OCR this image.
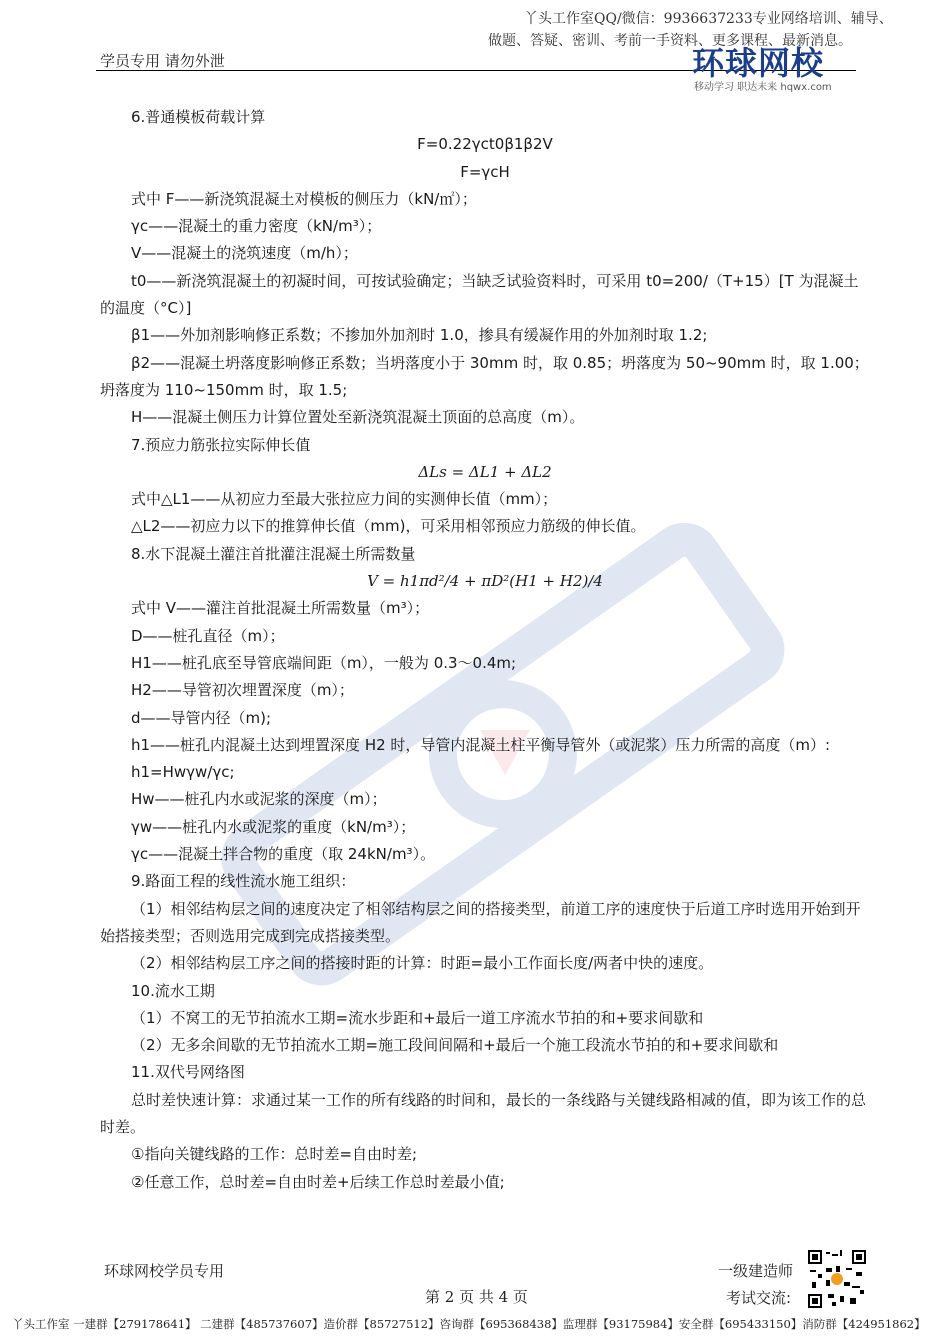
丫头工作室QQ/微信：9936637233专业网络培训、辅导、
做题、答疑、密训、考前一手资料、更多课程、最新消息。
学员专用 请勿外泄	环球网校
移动学习 职达未来 hqwx.com

6.普通模板荷载计算

F=0.22γct0β1β2V

F=γcH

式中 F——新浇筑混凝土对模板的侧压力（kN/㎡）；

γc——混凝土的重力密度（kN/m³）；

V——混凝土的浇筑速度（m/h）；

t0——新浇筑混凝土的初凝时间，可按试验确定；当缺乏试验资料时，可采用 t0=200/（T+15）[T 为混凝土的温度（°C）]

β1——外加剂影响修正系数；不掺加外加剂时 1.0，掺具有缓凝作用的外加剂时取 1.2;

β2——混凝土坍落度影响修正系数；当坍落度小于 30mm 时，取 0.85；坍落度为 50~90mm 时，取 1.00；坍落度为 110~150mm 时，取 1.5;

H——混凝土侧压力计算位置处至新浇筑混凝土顶面的总高度（m）。

7.预应力筋张拉实际伸长值

ΔLs = ΔL1 + ΔL2

式中△L1——从初应力至最大张拉应力间的实测伸长值（mm）；

△L2——初应力以下的推算伸长值（mm)，可采用相邻预应力筋级的伸长值。

8.水下混凝土灌注首批灌注混凝土所需数量

V = h1πd²/4 + πD²(H1 + H2)/4

式中 V——灌注首批混凝土所需数量（m³）；

D——桩孔直径（m）；

H1——桩孔底至导管底端间距（m），一般为 0.3～0.4m;

H2——导管初次埋置深度（m）；

d——导管内径（m);

h1——桩孔内混凝土达到埋置深度 H2 时，导管内混凝土柱平衡导管外（或泥浆）压力所需的高度（m）:

h1=Hwγw/γc;

Hw——桩孔内水或泥浆的深度（m）；

γw——桩孔内水或泥浆的重度（kN/m³）；

γc——混凝土拌合物的重度（取 24kN/m³）。

9.路面工程的线性流水施工组织：

（1）相邻结构层之间的速度决定了相邻结构层之间的搭接类型，前道工序的速度快于后道工序时选用开始到开始搭接类型；否则选用完成到完成搭接类型。

（2）相邻结构层工序之间的搭接时距的计算：时距=最小工作面长度/两者中快的速度。

10.流水工期

（1）不窝工的无节拍流水工期=流水步距和+最后一道工序流水节拍的和+要求间歇和

（2）无多余间歇的无节拍流水工期=施工段间间隔和+最后一个施工段流水节拍的和+要求间歇和

11.双代号网络图

总时差快速计算：求通过某一工作的所有线路的时间和，最长的一条线路与关键线路相减的值，即为该工作的总时差。

①指向关键线路的工作：总时差=自由时差;

②任意工作，总时差=自由时差+后续工作总时差最小值;

环球网校学员专用	一级建造师
考试交流:
第 2 页 共 4 页
丫头工作室 一建群【279178641】 二建群【485737607】造价群【85727512】咨询群【695368438】监理群【93175984】安全群【695433150】消防群【424951862】
